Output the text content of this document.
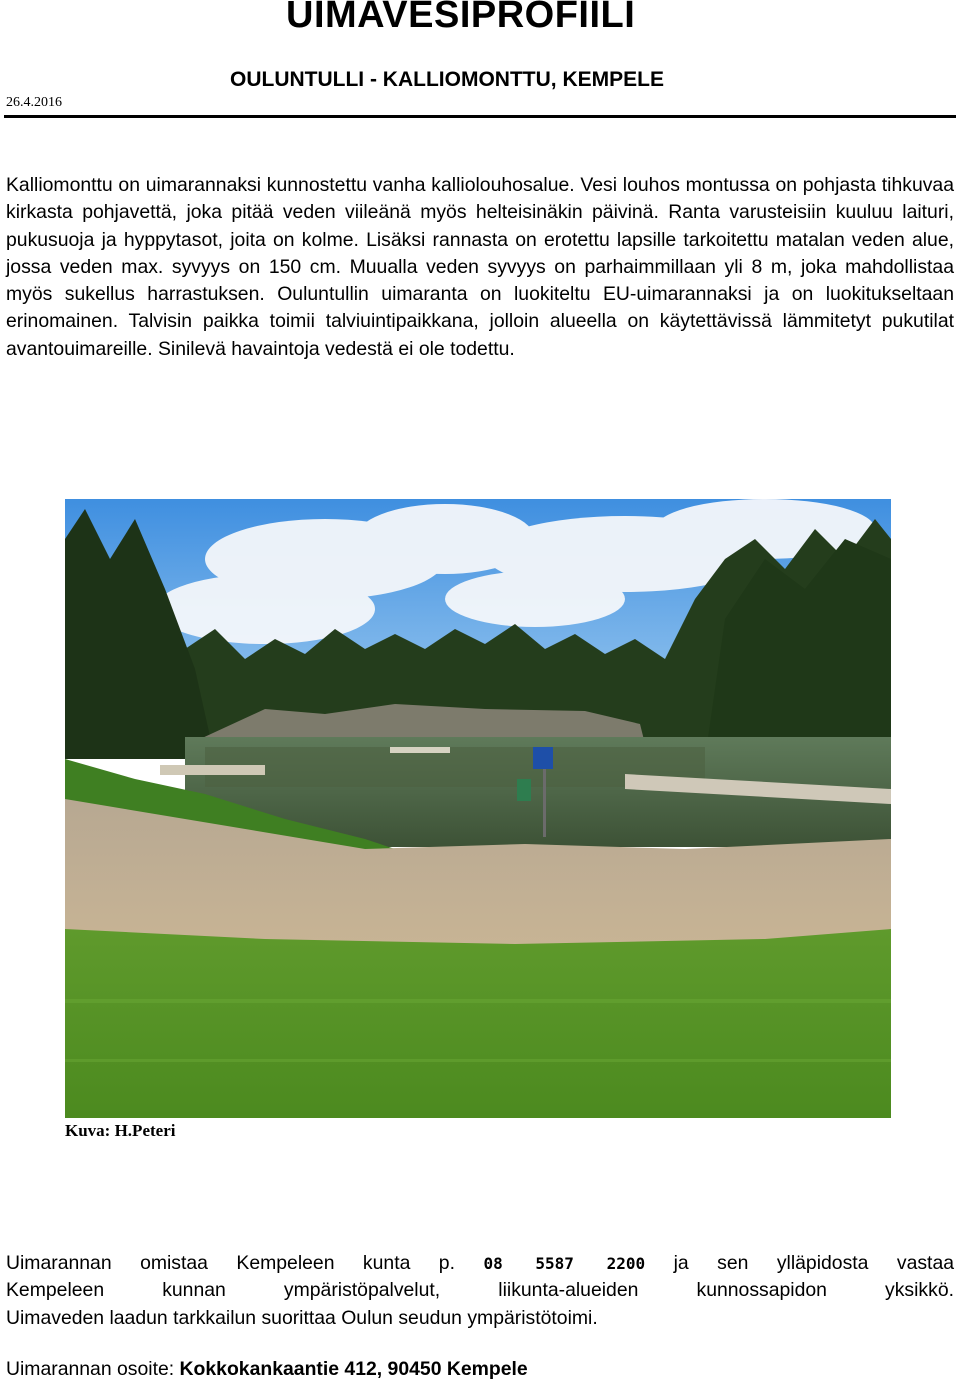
UIMAVESIPROFIILI
OULUNTULLI - KALLIOMONTTU, KEMPELE
26.4.2016

Kalliomonttu on uimarannaksi kunnostettu vanha kalliolouhosalue. Vesi louhos montussa on pohjasta tihkuvaa kirkasta pohjavettä, joka pitää veden viileänä myös helteisinäkin päivinä. Ranta varusteisiin kuuluu laituri, pukusuoja ja hyppytasot, joita on kolme. Lisäksi rannasta on erotettu lapsille tarkoitettu matalan veden alue, jossa veden max. syvyys on 150 cm. Muualla veden syvyys on parhaimmillaan yli 8 m, joka mahdollistaa myös sukellus harrastuksen. Ouluntullin uimaranta on luokiteltu EU-uimarannaksi ja on luokitukseltaan erinomainen. Talvisin paikka toimii talviuintipaikkana, jolloin alueella on käytettävissä lämmitetyt pukutilat avantouimareille. Sinilevä havaintoja vedestä ei ole todettu.

Kuva: H.Peteri

Uimarannan omistaa Kempeleen kunta p. 08 5587 2200 ja sen ylläpidosta vastaa
Kempeleen kunnan ympäristöpalvelut, liikunta-alueiden kunnossapidon yksikkö.
Uimaveden laadun tarkkailun suorittaa Oulun seudun ympäristötoimi.

Uimarannan osoite: Kokkokankaantie 412, 90450 Kempele
